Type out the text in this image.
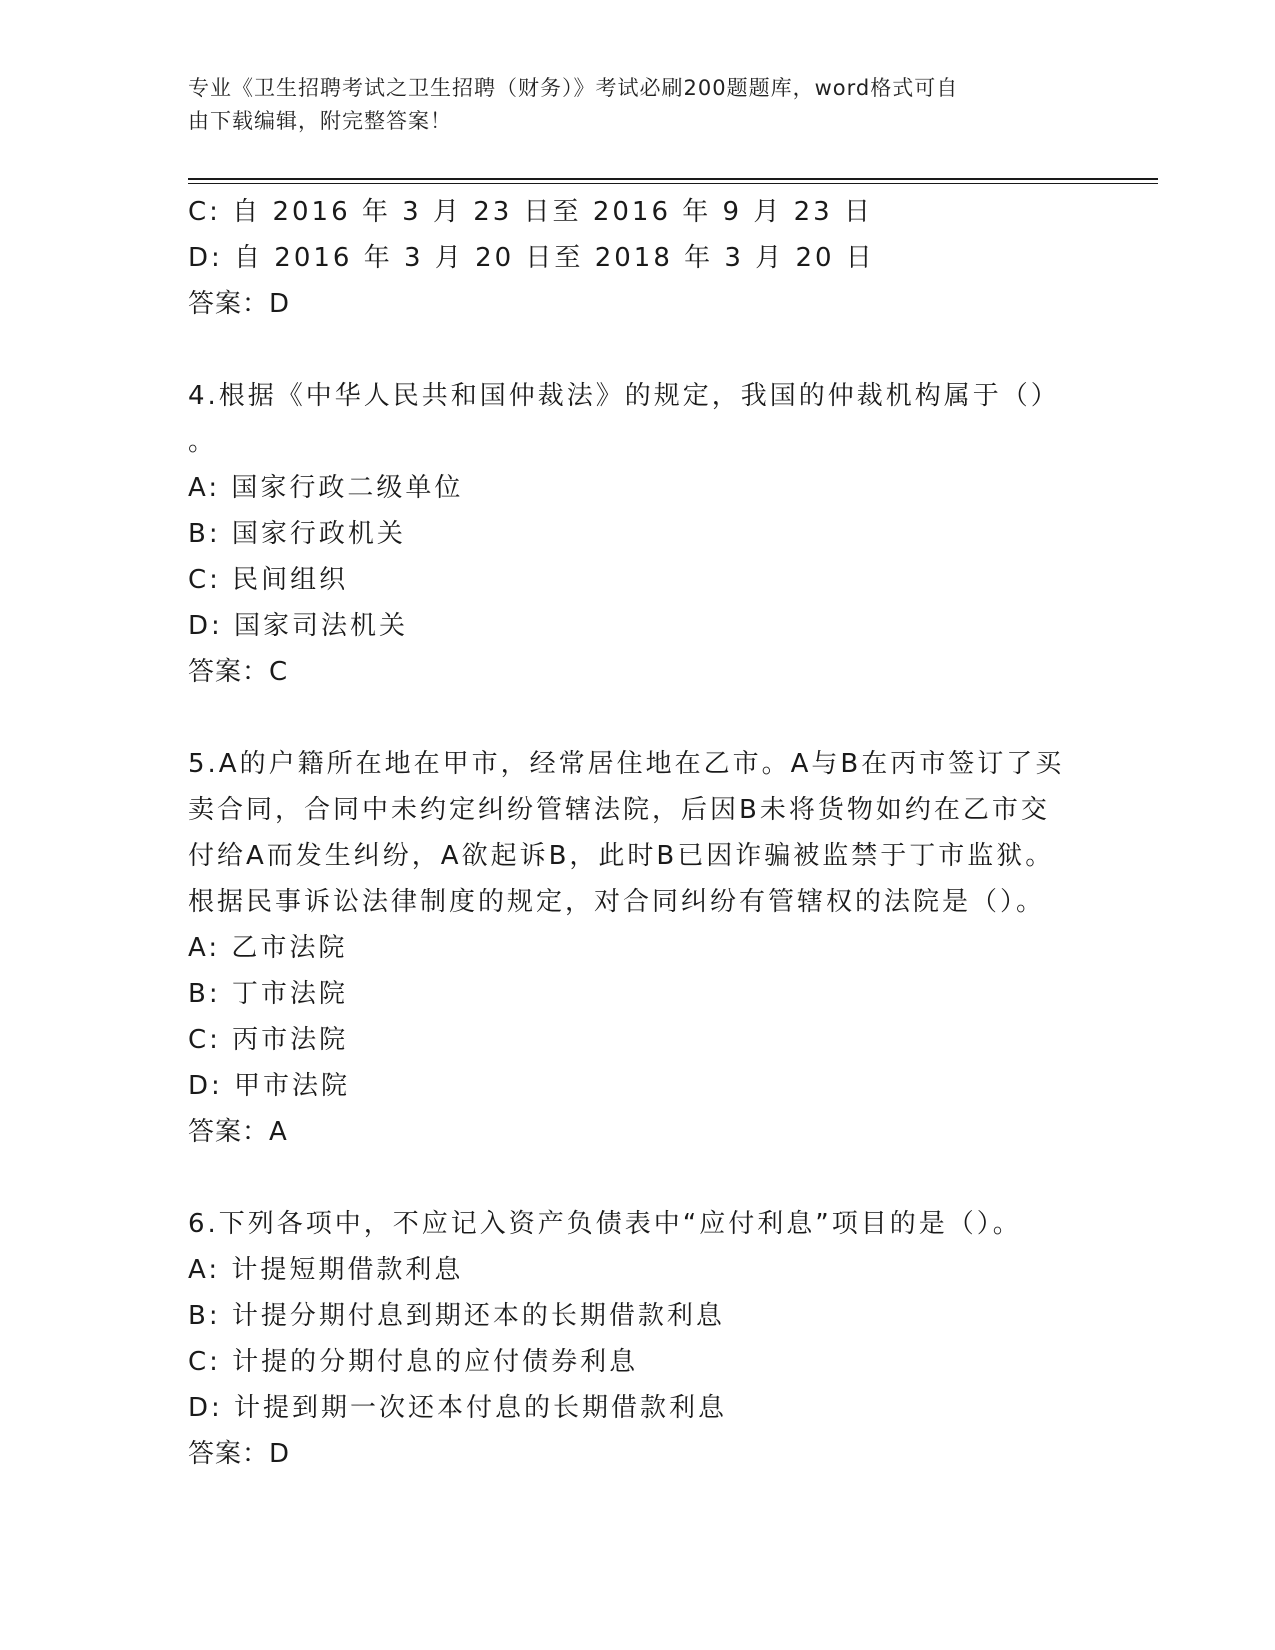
专业《卫生招聘考试之卫生招聘（财务）》考试必刷200题题库，word格式可自
由下载编辑，附完整答案！
C: 自 2016 年 3 月 23 日至 2016 年 9 月 23 日
D: 自 2016 年 3 月 20 日至 2018 年 3 月 20 日
答案：D
4.根据《中华人民共和国仲裁法》的规定，我国的仲裁机构属于（）
。
A: 国家行政二级单位
B: 国家行政机关
C: 民间组织
D: 国家司法机关
答案：C
5.A的户籍所在地在甲市，经常居住地在乙市。A与B在丙市签订了买
卖合同，合同中未约定纠纷管辖法院，后因B未将货物如约在乙市交
付给A而发生纠纷，A欲起诉B，此时B已因诈骗被监禁于丁市监狱。
根据民事诉讼法律制度的规定，对合同纠纷有管辖权的法院是（）。
A: 乙市法院
B: 丁市法院
C: 丙市法院
D: 甲市法院
答案：A
6.下列各项中，不应记入资产负债表中“应付利息”项目的是（）。
A: 计提短期借款利息
B: 计提分期付息到期还本的长期借款利息
C: 计提的分期付息的应付债券利息
D: 计提到期一次还本付息的长期借款利息
答案：D
